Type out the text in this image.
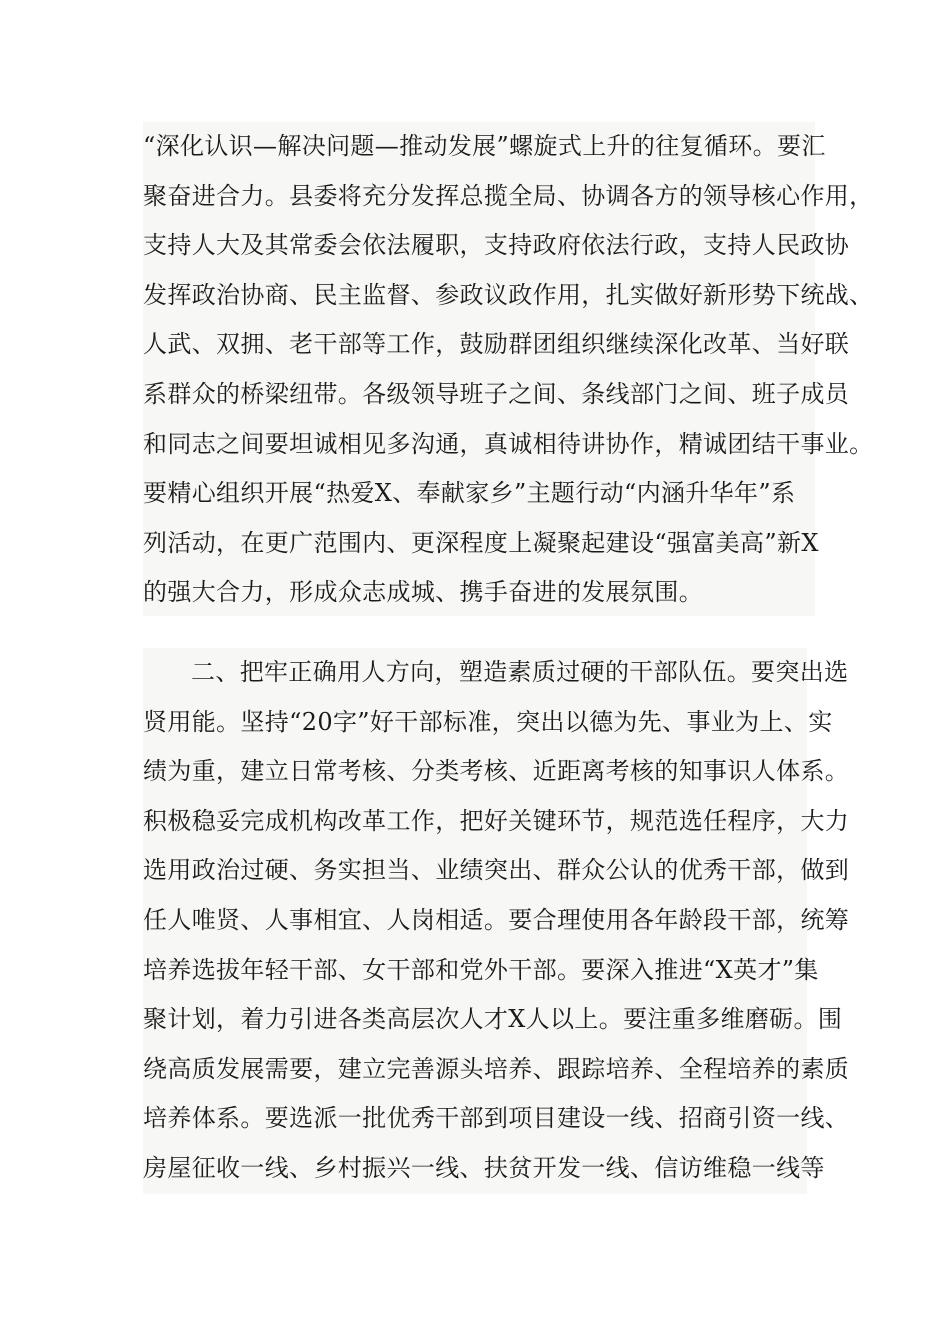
“深化认识—解决问题—推动发展”螺旋式上升的往复循环。要汇
聚奋进合力。县委将充分发挥总揽全局、协调各方的领导核心作用，
支持人大及其常委会依法履职，支持政府依法行政，支持人民政协
发挥政治协商、民主监督、参政议政作用，扎实做好新形势下统战、
人武、双拥、老干部等工作，鼓励群团组织继续深化改革、当好联
系群众的桥梁纽带。各级领导班子之间、条线部门之间、班子成员
和同志之间要坦诚相见多沟通，真诚相待讲协作，精诚团结干事业。
要精心组织开展“热爱X、奉献家乡”主题行动“内涵升华年”系
列活动，在更广范围内、更深程度上凝聚起建设“强富美高”新X
的强大合力，形成众志成城、携手奋进的发展氛围。
二、把牢正确用人方向，塑造素质过硬的干部队伍。要突出选
贤用能。坚持“20字”好干部标准，突出以德为先、事业为上、实
绩为重，建立日常考核、分类考核、近距离考核的知事识人体系。
积极稳妥完成机构改革工作，把好关键环节，规范选任程序，大力
选用政治过硬、务实担当、业绩突出、群众公认的优秀干部，做到
任人唯贤、人事相宜、人岗相适。要合理使用各年龄段干部，统筹
培养选拔年轻干部、女干部和党外干部。要深入推进“X英才”集
聚计划，着力引进各类高层次人才X人以上。要注重多维磨砺。围
绕高质发展需要，建立完善源头培养、跟踪培养、全程培养的素质
培养体系。要选派一批优秀干部到项目建设一线、招商引资一线、
房屋征收一线、乡村振兴一线、扶贫开发一线、信访维稳一线等
